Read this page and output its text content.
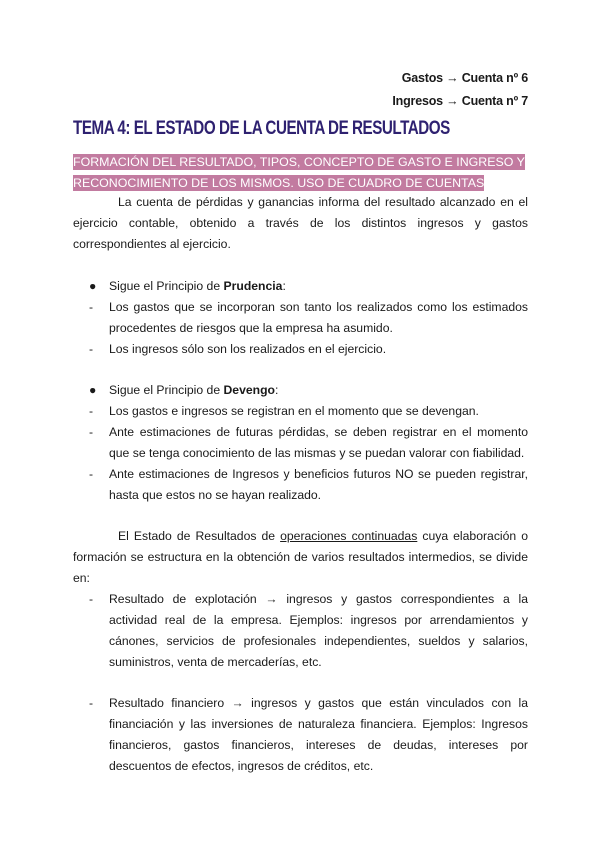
Gastos → Cuenta nº 6
Ingresos → Cuenta nº 7
TEMA 4: EL ESTADO DE LA CUENTA DE RESULTADOS
FORMACIÓN DEL RESULTADO, TIPOS, CONCEPTO DE GASTO E INGRESO Y
RECONOCIMIENTO DE LOS MISMOS. USO DE CUADRO DE CUENTAS
La cuenta de pérdidas y ganancias informa del resultado alcanzado en el ejercicio contable, obtenido a través de los distintos ingresos y gastos correspondientes al ejercicio.
● Sigue el Principio de Prudencia:
- Los gastos que se incorporan son tanto los realizados como los estimados procedentes de riesgos que la empresa ha asumido.
- Los ingresos sólo son los realizados en el ejercicio.
● Sigue el Principio de Devengo:
- Los gastos e ingresos se registran en el momento que se devengan.
- Ante estimaciones de futuras pérdidas, se deben registrar en el momento que se tenga conocimiento de las mismas y se puedan valorar con fiabilidad.
- Ante estimaciones de Ingresos y beneficios futuros NO se pueden registrar, hasta que estos no se hayan realizado.
El Estado de Resultados de operaciones continuadas cuya elaboración o formación se estructura en la obtención de varios resultados intermedios, se divide en:
- Resultado de explotación → ingresos y gastos correspondientes a la actividad real de la empresa. Ejemplos: ingresos por arrendamientos y cánones, servicios de profesionales independientes, sueldos y salarios, suministros, venta de mercaderías, etc.
- Resultado financiero → ingresos y gastos que están vinculados con la financiación y las inversiones de naturaleza financiera. Ejemplos: Ingresos financieros, gastos financieros, intereses de deudas, intereses por descuentos de efectos, ingresos de créditos, etc.
